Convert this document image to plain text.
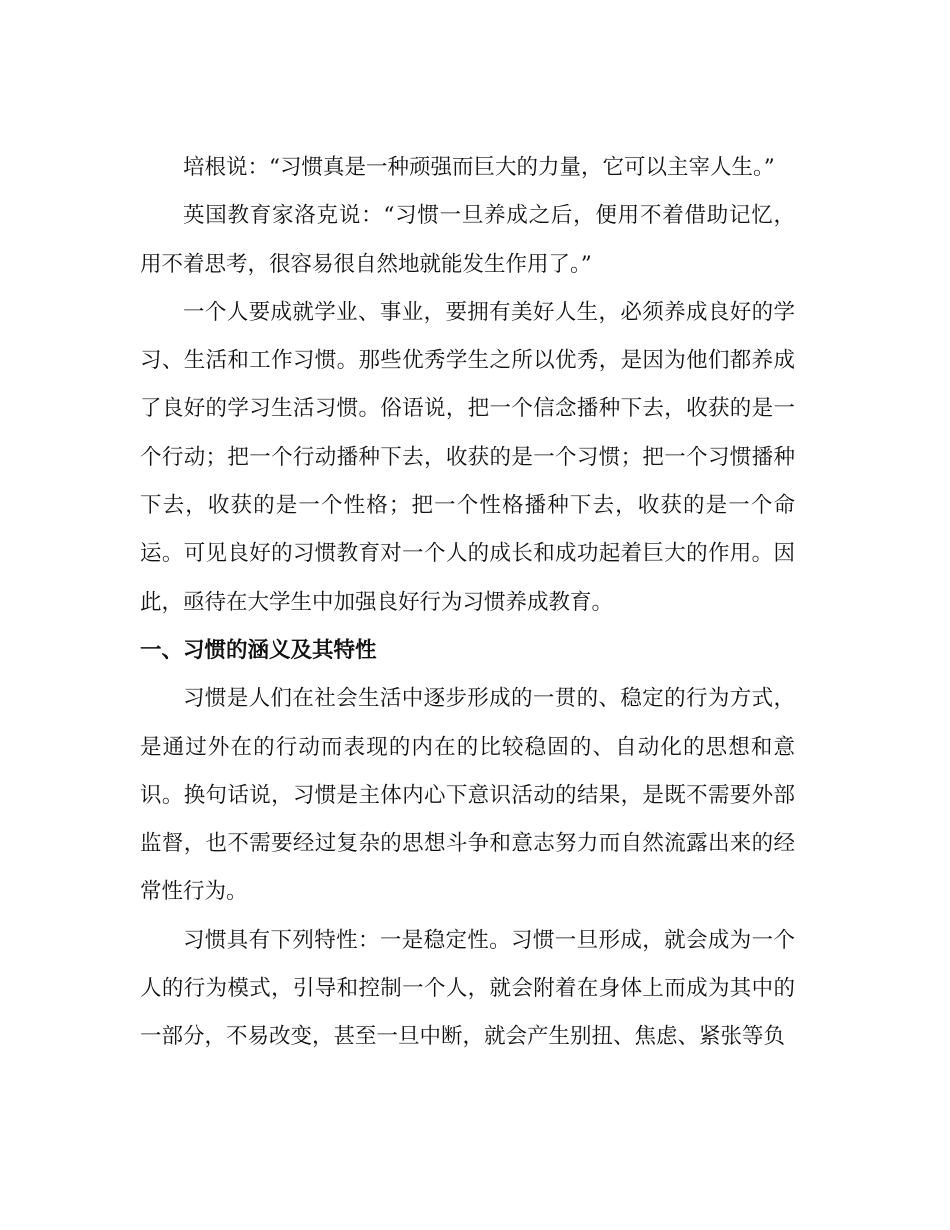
培根说：“习惯真是一种顽强而巨大的力量，它可以主宰人生。”

英国教育家洛克说：“习惯一旦养成之后，便用不着借助记忆，用不着思考，很容易很自然地就能发生作用了。”

一个人要成就学业、事业，要拥有美好人生，必须养成良好的学习、生活和工作习惯。那些优秀学生之所以优秀，是因为他们都养成了良好的学习生活习惯。俗语说，把一个信念播种下去，收获的是一个行动；把一个行动播种下去，收获的是一个习惯；把一个习惯播种下去，收获的是一个性格；把一个性格播种下去，收获的是一个命运。可见良好的习惯教育对一个人的成长和成功起着巨大的作用。因此，亟待在大学生中加强良好行为习惯养成教育。

一、习惯的涵义及其特性

习惯是人们在社会生活中逐步形成的一贯的、稳定的行为方式，是通过外在的行动而表现的内在的比较稳固的、自动化的思想和意识。换句话说，习惯是主体内心下意识活动的结果，是既不需要外部监督，也不需要经过复杂的思想斗争和意志努力而自然流露出来的经常性行为。

习惯具有下列特性：一是稳定性。习惯一旦形成，就会成为一个人的行为模式，引导和控制一个人，就会附着在身体上而成为其中的一部分，不易改变，甚至一旦中断，就会产生别扭、焦虑、紧张等负
